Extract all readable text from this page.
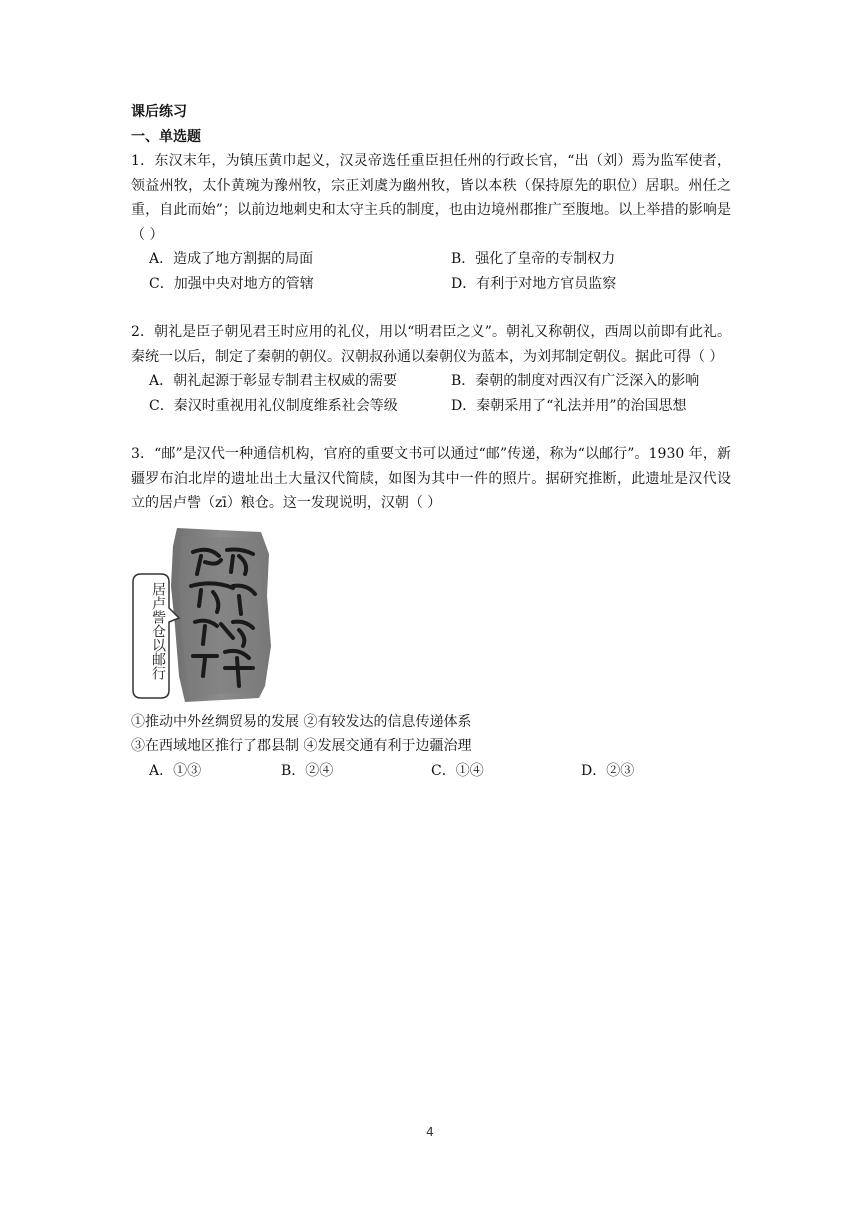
课后练习

一、单选题

1．东汉末年，为镇压黄巾起义，汉灵帝选任重臣担任州的行政长官，“出（刘）焉为监军使者，领益州牧，太仆黄琬为豫州牧，宗正刘虞为幽州牧，皆以本秩（保持原先的职位）居职。州任之重，自此而始”；以前边地刺史和太守主兵的制度，也由边境州郡推广至腹地。以上举措的影响是（ ）

A．造成了地方割据的局面	B．强化了皇帝的专制权力
C．加强中央对地方的管辖	D．有利于对地方官员监察

2．朝礼是臣子朝见君王时应用的礼仪，用以“明君臣之义”。朝礼又称朝仪，西周以前即有此礼。秦统一以后，制定了秦朝的朝仪。汉朝叔孙通以秦朝仪为蓝本，为刘邦制定朝仪。据此可得（ ）

A．朝礼起源于彰显专制君主权威的需要	B．秦朝的制度对西汉有广泛深入的影响
C．秦汉时重视用礼仪制度维系社会等级	D．秦朝采用了“礼法并用”的治国思想

3．“邮”是汉代一种通信机构，官府的重要文书可以通过“邮”传递，称为“以邮行”。1930 年，新疆罗布泊北岸的遗址出土大量汉代简牍，如图为其中一件的照片。据研究推断，此遗址是汉代设立的居卢訾（zī）粮仓。这一发现说明，汉朝（ ）

居卢訾仓以邮行

①推动中外丝绸贸易的发展 ②有较发达的信息传递体系

③在西域地区推行了郡县制 ④发展交通有利于边疆治理

A．①③	B．②④	C．①④	D．②③
4
